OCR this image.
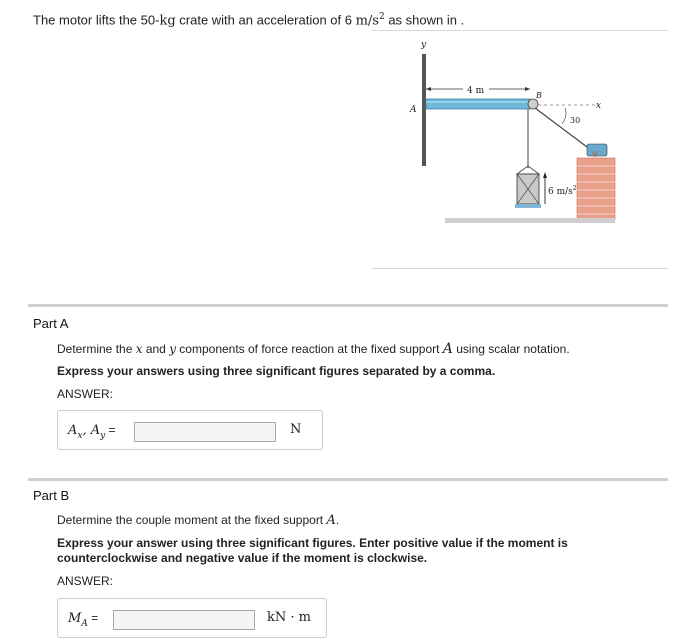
The motor lifts the 50-kg crate with an acceleration of 6 $m/s^2$ as shown in .
y
4 m
A
B
x
30
6 $m/s^2$
Part A
Determine the x and y components of force reaction at the fixed support A using scalar notation.
Express your answers using three significant figures separated by a comma.
ANSWER:
$A_x$, $A_y$ =	N
Part B
Determine the couple moment at the fixed support A.
Express your answer using three significant figures. Enter positive value if the moment is
counterclockwise and negative value if the moment is clockwise.
ANSWER:
$M_A$ =	kN · m
